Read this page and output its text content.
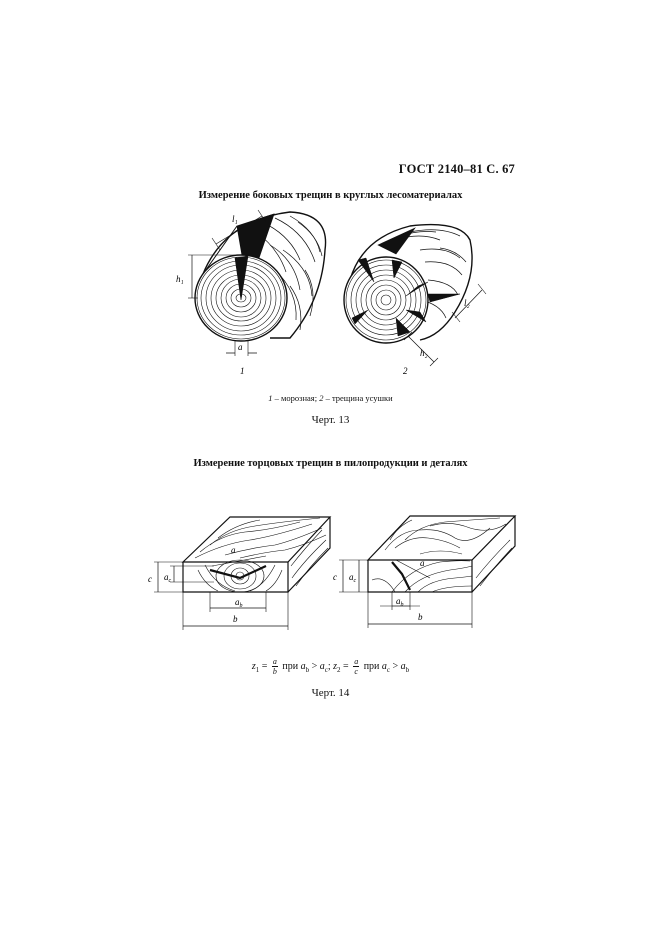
ГОСТ 2140–81 С. 67
Измерение боковых трещин в круглых лесоматериалах
l₁
h₁
a
1
l₂
h₂
2
c $a_c$
a
$a_b$
b
c $a_c$
a
$a_b$
b
1 – морозная; 2 – трещина усушки
Черт. 13
Измерение торцовых трещин в пилопродукции и деталях
$z_1 = \frac{a}{b}$ при $a_b > a_c$; $z_2 = \frac{a}{c}$ при $a_c > a_b$
Черт. 14
